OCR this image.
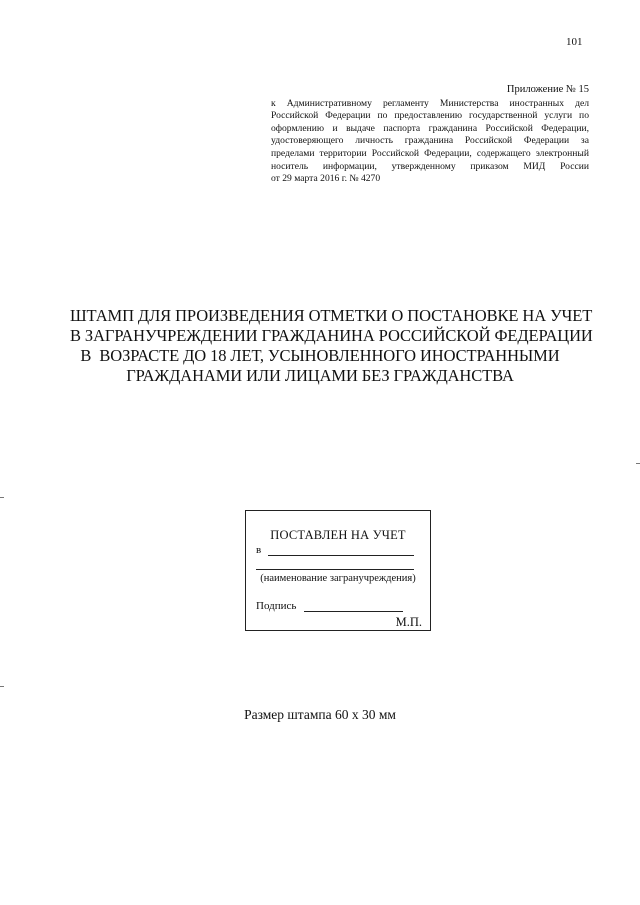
101
Приложение № 15
к Административному регламенту Министерства иностранных дел
Российской Федерации по предоставлению государственной услуги по
оформлению и выдаче паспорта гражданина Российской Федерации,
удостоверяющего личность гражданина Российской Федерации за
пределами территории Российской Федерации, содержащего электронный
носитель информации, утвержденному приказом МИД России
от 29 марта 2016 г. № 4270
ШТАМП ДЛЯ ПРОИЗВЕДЕНИЯ ОТМЕТКИ О ПОСТАНОВКЕ НА УЧЕТ
В ЗАГРАНУЧРЕЖДЕНИИ ГРАЖДАНИНА РОССИЙСКОЙ ФЕДЕРАЦИИ
В  ВОЗРАСТЕ ДО 18 ЛЕТ, УСЫНОВЛЕННОГО ИНОСТРАННЫМИ
ГРАЖДАНАМИ ИЛИ ЛИЦАМИ БЕЗ ГРАЖДАНСТВА
ПОСТАВЛЕН НА УЧЕТ
в
(наименование загранучреждения)
Подпись
М.П.
Размер штампа 60 х 30 мм
